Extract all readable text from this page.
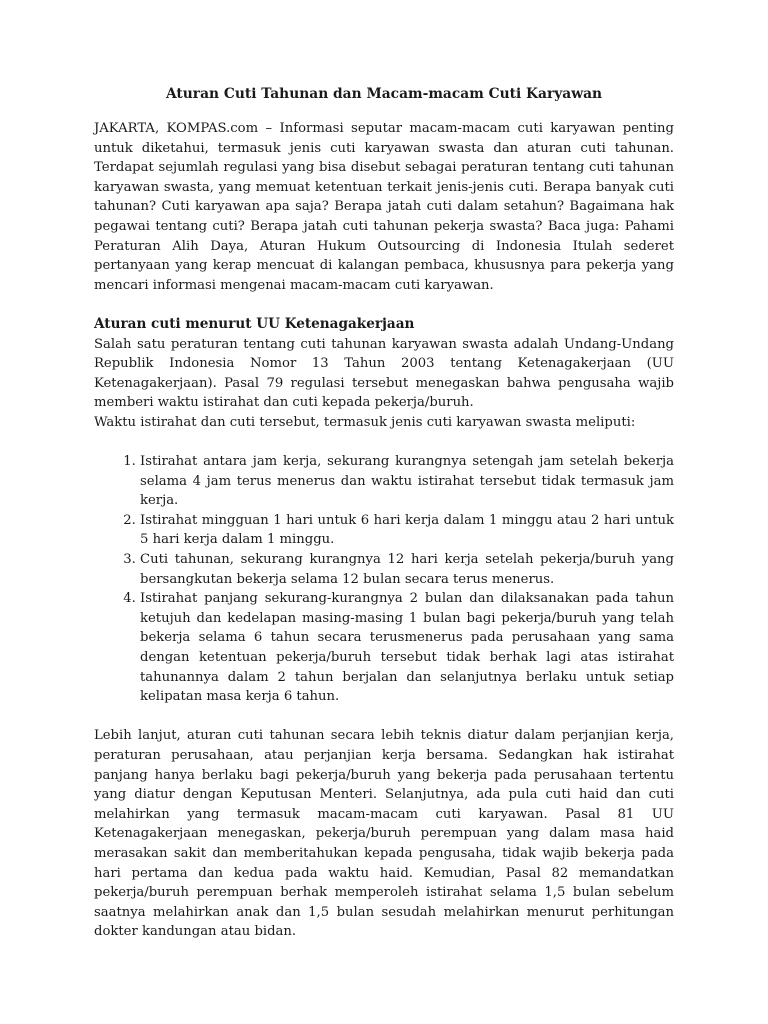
Aturan Cuti Tahunan dan Macam-macam Cuti Karyawan

JAKARTA, KOMPAS.com – Informasi seputar macam-macam cuti karyawan penting untuk diketahui, termasuk jenis cuti karyawan swasta dan aturan cuti tahunan. Terdapat sejumlah regulasi yang bisa disebut sebagai peraturan tentang cuti tahunan karyawan swasta, yang memuat ketentuan terkait jenis-jenis cuti. Berapa banyak cuti tahunan? Cuti karyawan apa saja? Berapa jatah cuti dalam setahun? Bagaimana hak pegawai tentang cuti? Berapa jatah cuti tahunan pekerja swasta? Baca juga: Pahami Peraturan Alih Daya, Aturan Hukum Outsourcing di Indonesia Itulah sederet pertanyaan yang kerap mencuat di kalangan pembaca, khususnya para pekerja yang mencari informasi mengenai macam-macam cuti karyawan.

Aturan cuti menurut UU Ketenagakerjaan

Salah satu peraturan tentang cuti tahunan karyawan swasta adalah Undang-Undang Republik Indonesia Nomor 13 Tahun 2003 tentang Ketenagakerjaan (UU Ketenagakerjaan). Pasal 79 regulasi tersebut menegaskan bahwa pengusaha wajib memberi waktu istirahat dan cuti kepada pekerja/buruh.

Waktu istirahat dan cuti tersebut, termasuk jenis cuti karyawan swasta meliputi:

1. Istirahat antara jam kerja, sekurang kurangnya setengah jam setelah bekerja selama 4 jam terus menerus dan waktu istirahat tersebut tidak termasuk jam kerja.
2. Istirahat mingguan 1 hari untuk 6 hari kerja dalam 1 minggu atau 2 hari untuk 5 hari kerja dalam 1 minggu.
3. Cuti tahunan, sekurang kurangnya 12 hari kerja setelah pekerja/buruh yang bersangkutan bekerja selama 12 bulan secara terus menerus.
4. Istirahat panjang sekurang-kurangnya 2 bulan dan dilaksanakan pada tahun ketujuh dan kedelapan masing-masing 1 bulan bagi pekerja/buruh yang telah bekerja selama 6 tahun secara terusmenerus pada perusahaan yang sama dengan ketentuan pekerja/buruh tersebut tidak berhak lagi atas istirahat tahunannya dalam 2 tahun berjalan dan selanjutnya berlaku untuk setiap kelipatan masa kerja 6 tahun.

Lebih lanjut, aturan cuti tahunan secara lebih teknis diatur dalam perjanjian kerja, peraturan perusahaan, atau perjanjian kerja bersama. Sedangkan hak istirahat panjang hanya berlaku bagi pekerja/buruh yang bekerja pada perusahaan tertentu yang diatur dengan Keputusan Menteri. Selanjutnya, ada pula cuti haid dan cuti melahirkan yang termasuk macam-macam cuti karyawan. Pasal 81 UU Ketenagakerjaan menegaskan, pekerja/buruh perempuan yang dalam masa haid merasakan sakit dan memberitahukan kepada pengusaha, tidak wajib bekerja pada hari pertama dan kedua pada waktu haid. Kemudian, Pasal 82 memandatkan pekerja/buruh perempuan berhak memperoleh istirahat selama 1,5 bulan sebelum saatnya melahirkan anak dan 1,5 bulan sesudah melahirkan menurut perhitungan dokter kandungan atau bidan.
